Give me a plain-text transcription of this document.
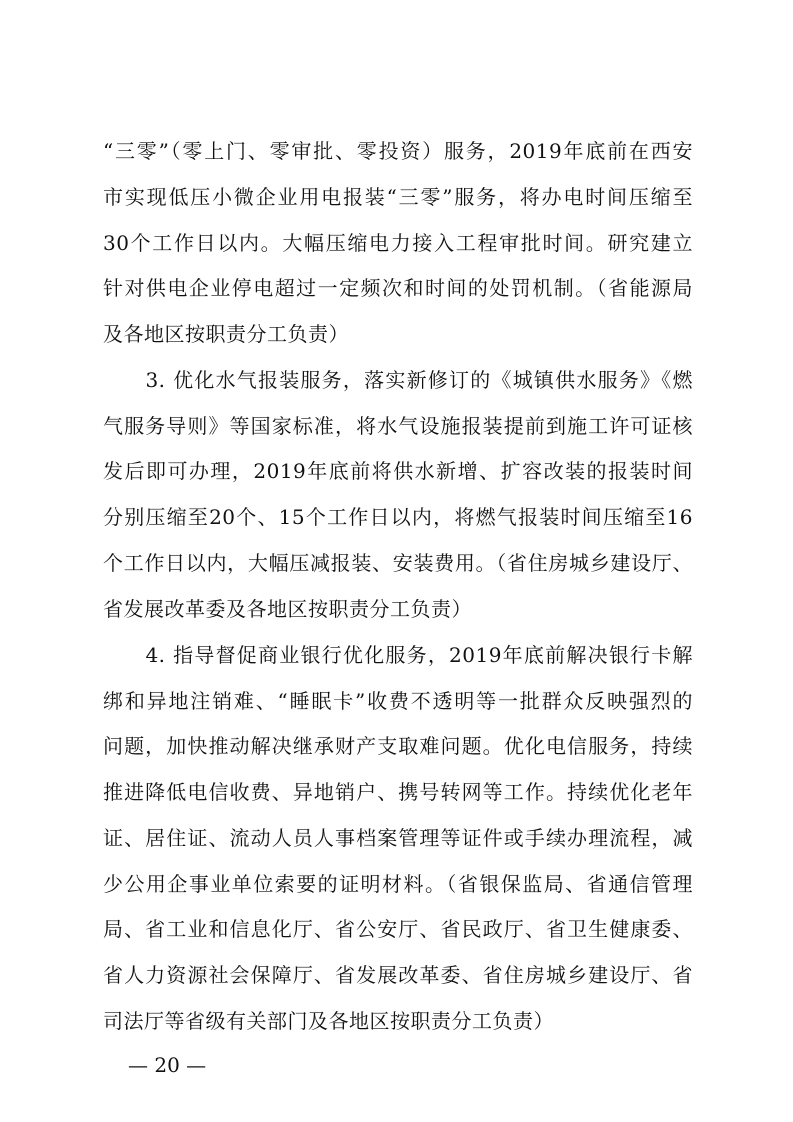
“三零”（零上门、零审批、零投资）服务，2019年底前在西安
市实现低压小微企业用电报装“三零”服务，将办电时间压缩至
30个工作日以内。大幅压缩电力接入工程审批时间。研究建立
针对供电企业停电超过一定频次和时间的处罚机制。（省能源局
及各地区按职责分工负责）
　　3. 优化水气报装服务，落实新修订的《城镇供水服务》《燃
气服务导则》等国家标准，将水气设施报装提前到施工许可证核
发后即可办理，2019年底前将供水新增、扩容改装的报装时间
分别压缩至20个、15个工作日以内，将燃气报装时间压缩至16
个工作日以内，大幅压减报装、安装费用。（省住房城乡建设厅、
省发展改革委及各地区按职责分工负责）
　　4. 指导督促商业银行优化服务，2019年底前解决银行卡解
绑和异地注销难、“睡眠卡”收费不透明等一批群众反映强烈的
问题，加快推动解决继承财产支取难问题。优化电信服务，持续
推进降低电信收费、异地销户、携号转网等工作。持续优化老年
证、居住证、流动人员人事档案管理等证件或手续办理流程，减
少公用企事业单位索要的证明材料。（省银保监局、省通信管理
局、省工业和信息化厅、省公安厅、省民政厅、省卫生健康委、
省人力资源社会保障厅、省发展改革委、省住房城乡建设厅、省
司法厅等省级有关部门及各地区按职责分工负责）
— 20 —
